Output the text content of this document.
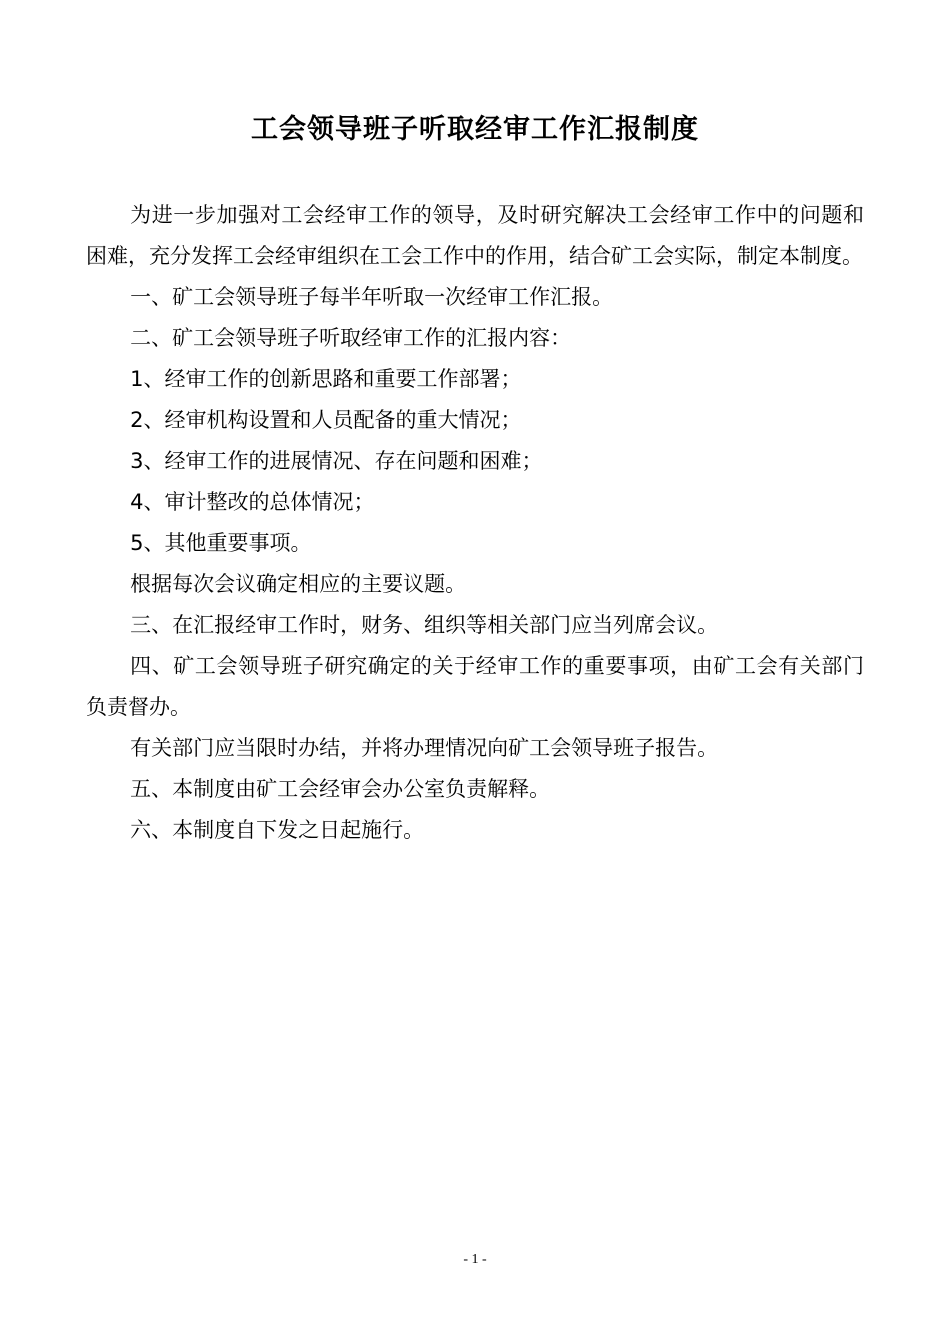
工会领导班子听取经审工作汇报制度

为进一步加强对工会经审工作的领导，及时研究解决工会经审工作中的问题和困难，充分发挥工会经审组织在工会工作中的作用，结合矿工会实际，制定本制度。

一、矿工会领导班子每半年听取一次经审工作汇报。

二、矿工会领导班子听取经审工作的汇报内容：

1、经审工作的创新思路和重要工作部署；

2、经审机构设置和人员配备的重大情况；

3、经审工作的进展情况、存在问题和困难；

4、审计整改的总体情况；

5、其他重要事项。

根据每次会议确定相应的主要议题。

三、在汇报经审工作时，财务、组织等相关部门应当列席会议。

四、矿工会领导班子研究确定的关于经审工作的重要事项，由矿工会有关部门负责督办。

有关部门应当限时办结，并将办理情况向矿工会领导班子报告。

五、本制度由矿工会经审会办公室负责解释。

六、本制度自下发之日起施行。

- 1 -
